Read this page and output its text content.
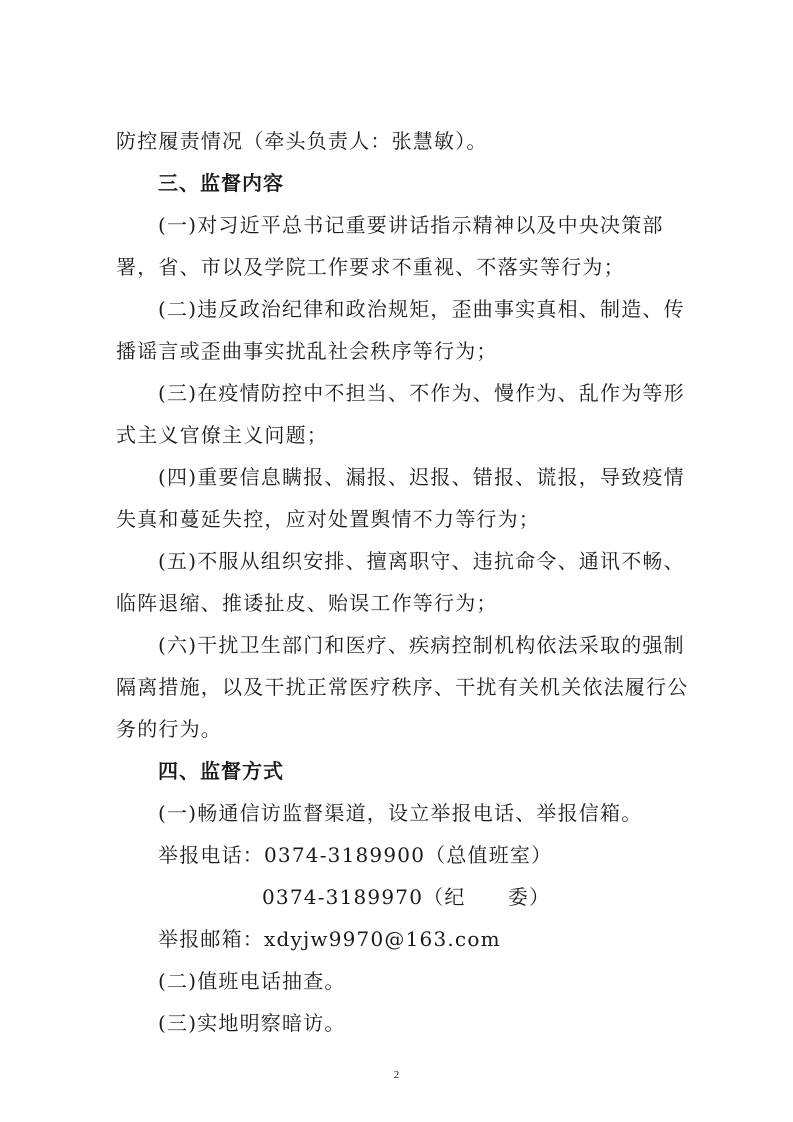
防控履责情况（牵头负责人：张慧敏）。
三、监督内容
(一)对习近平总书记重要讲话指示精神以及中央决策部
署，省、市以及学院工作要求不重视、不落实等行为；
(二)违反政治纪律和政治规矩，歪曲事实真相、制造、传
播谣言或歪曲事实扰乱社会秩序等行为；
(三)在疫情防控中不担当、不作为、慢作为、乱作为等形
式主义官僚主义问题；
(四)重要信息瞒报、漏报、迟报、错报、谎报，导致疫情
失真和蔓延失控，应对处置舆情不力等行为；
(五)不服从组织安排、擅离职守、违抗命令、通讯不畅、
临阵退缩、推诿扯皮、贻误工作等行为；
(六)干扰卫生部门和医疗、疾病控制机构依法采取的强制
隔离措施，以及干扰正常医疗秩序、干扰有关机关依法履行公
务的行为。
四、监督方式
(一)畅通信访监督渠道，设立举报电话、举报信箱。
举报电话：0374-3189900（总值班室）
0374-3189970（纪　　委）
举报邮箱：xdyjw9970@163.com
(二)值班电话抽查。
(三)实地明察暗访。
2
